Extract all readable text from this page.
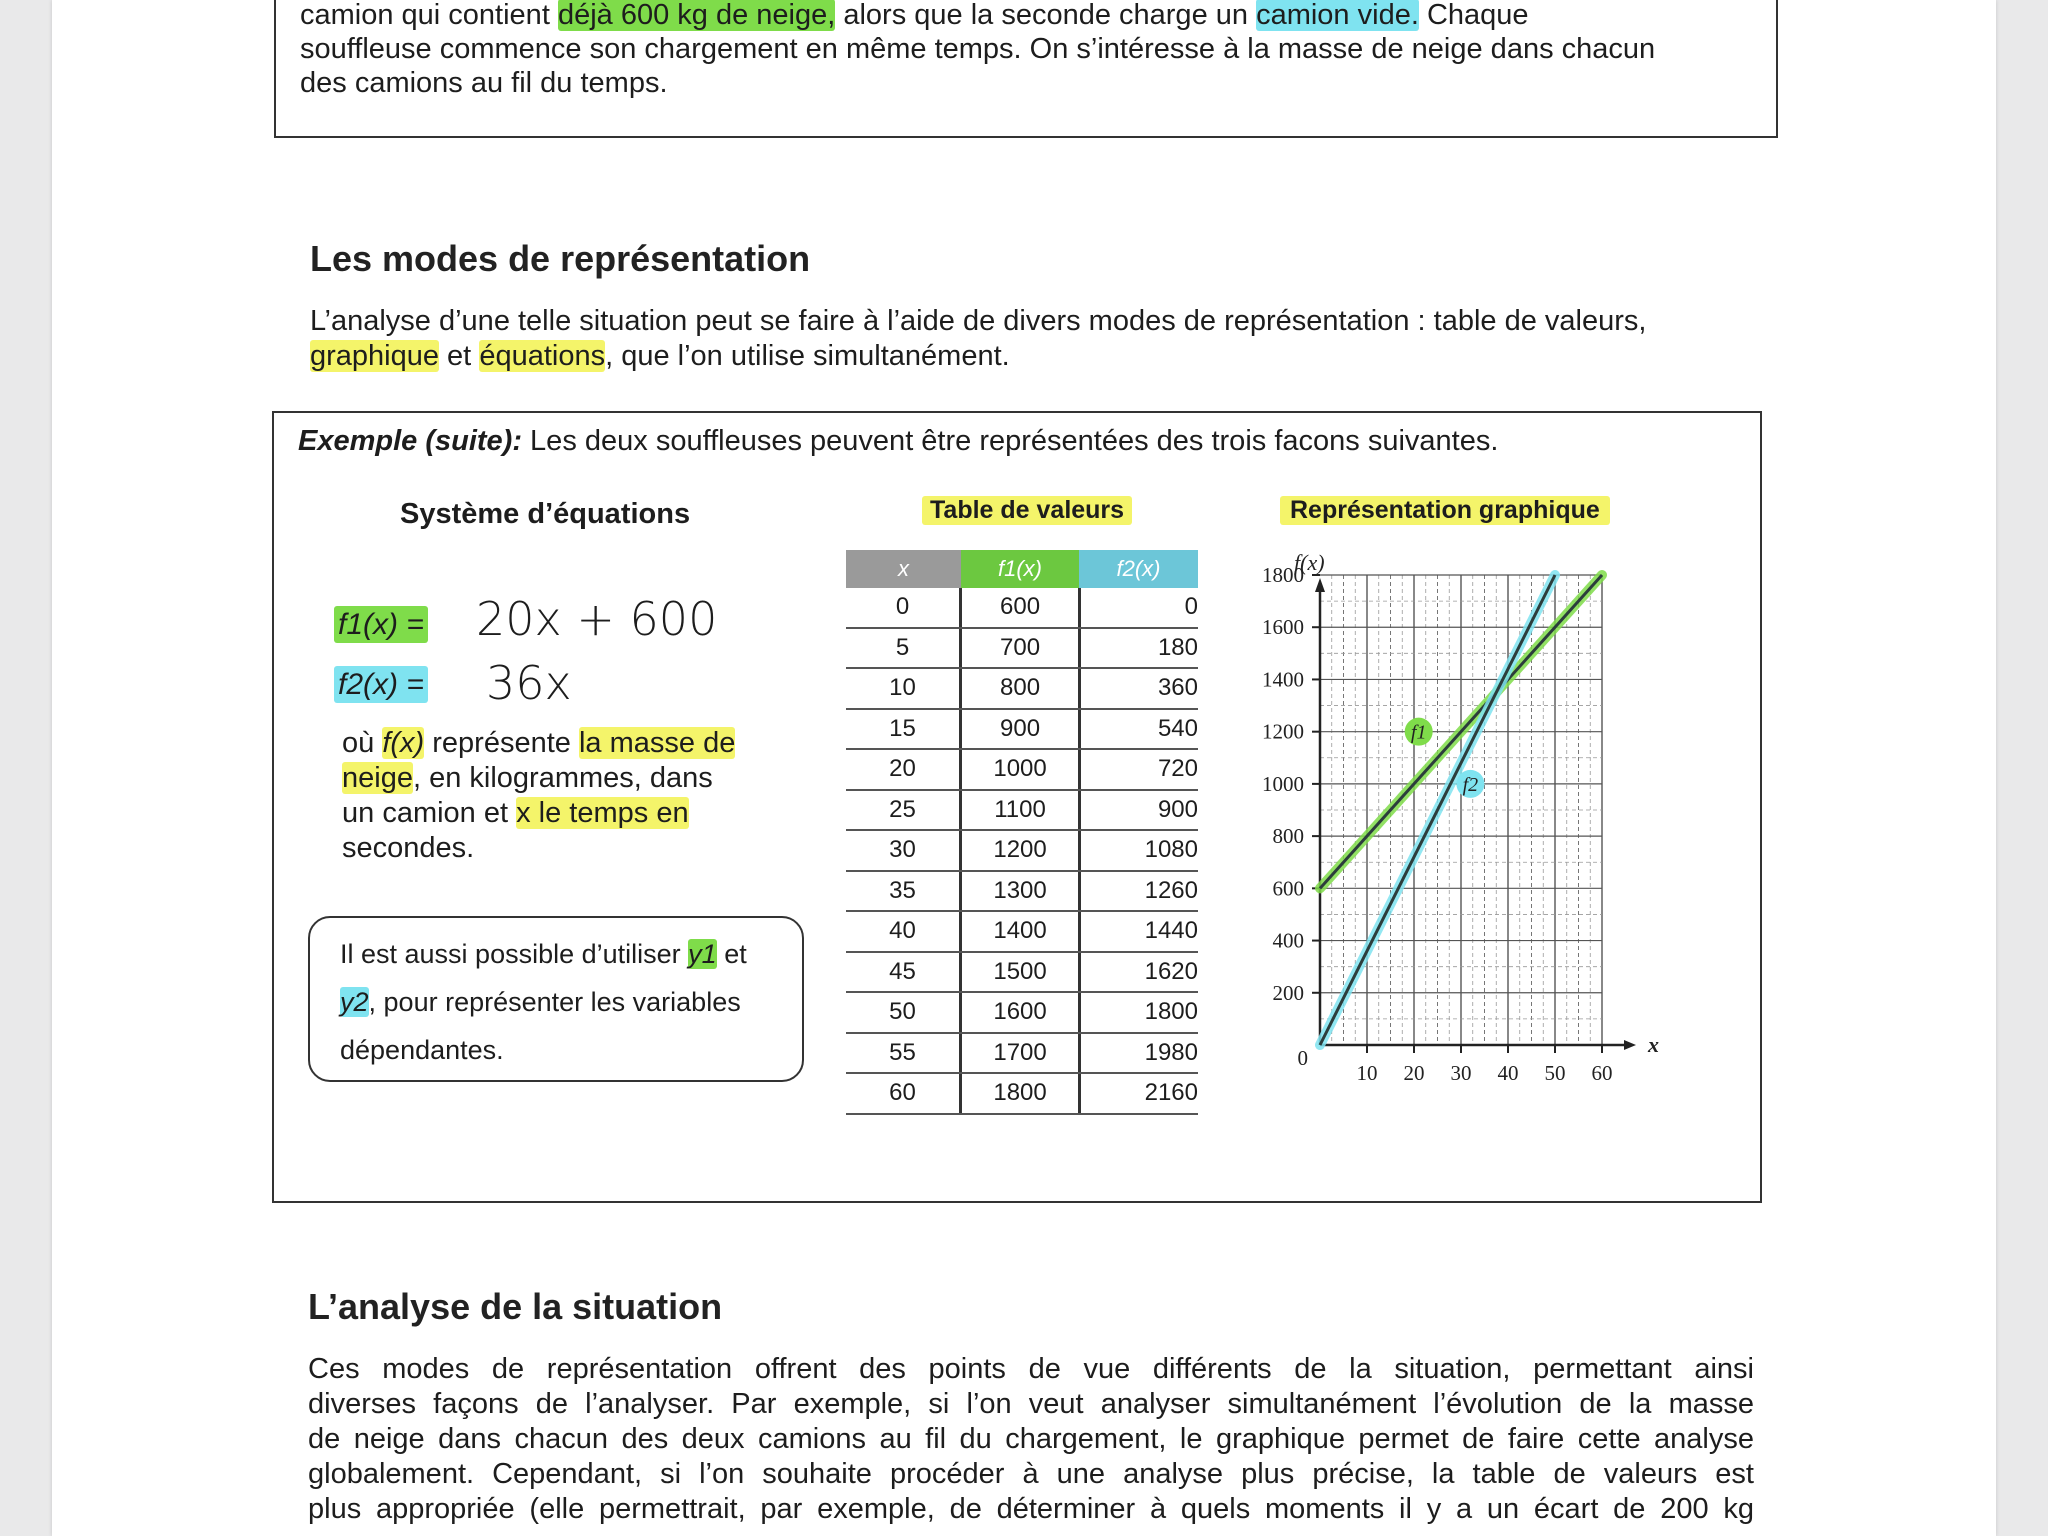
camion qui contient déjà 600 kg de neige, alors que la seconde charge un camion vide. Chaque

souffleuse commence son chargement en même temps. On s’intéresse à la masse de neige dans chacun

des camions au fil du temps.

Les modes de représentation
L’analyse d’une telle situation peut se faire à l’aide de divers modes de représentation : table de valeurs,
graphique et équations, que l’on utilise simultanément.
Exemple (suite): Les deux souffleuses peuvent être représentées des trois facons suivantes.
Système d’équations	Table de valeurs	Représentation graphique
f1(x) = 20x + 600
f2(x) = 36x
où f(x) représente la masse de
neige, en kilogrammes, dans
un camion et x le temps en
secondes.
Il est aussi possible d’utiliser y1 et
y2, pour représenter les variables
dépendantes.
x	f1(x)	f2(x)
0	600	0
5	700	180
10	800	360
15	900	540
20	1000	720
25	1100	900
30	1200	1080
35	1300	1260
40	1400	1440
45	1500	1620
50	1600	1800
55	1700	1980
60	1800	2160
10 20 30 40 50 60
200
400
600
800
1000
1200
1400
1600
1800
0
f(x)
x
f1
f2
L’analyse de la situation
Ces modes de représentation offrent des points de vue différents de la situation, permettant ainsi
diverses façons de l’analyser. Par exemple, si l’on veut analyser simultanément l’évolution de la masse
de neige dans chacun des deux camions au fil du chargement, le graphique permet de faire cette analyse
globalement. Cependant, si l’on souhaite procéder à une analyse plus précise, la table de valeurs est
plus appropriée (elle permettrait, par exemple, de déterminer à quels moments il y a un écart de 200 kg
